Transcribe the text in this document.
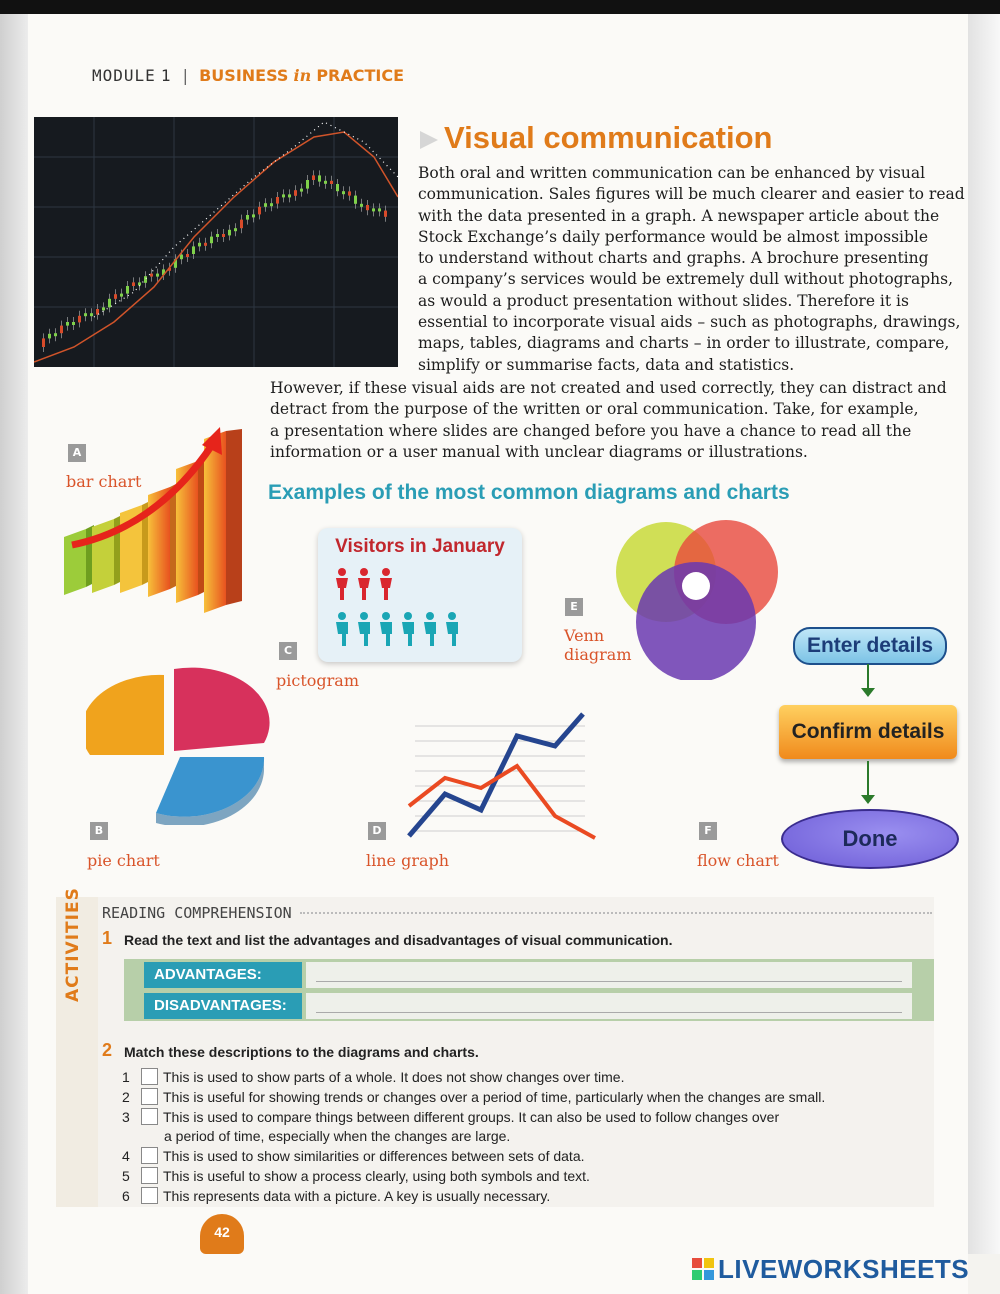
MODULE 1 | BUSINESS in PRACTICE
Visual communication
Both oral and written communication can be enhanced by visual
communication. Sales figures will be much clearer and easier to read
with the data presented in a graph. A newspaper article about the
Stock Exchange’s daily performance would be almost impossible
to understand without charts and graphs. A brochure presenting
a company’s services would be extremely dull without photographs,
as would a product presentation without slides. Therefore it is
essential to incorporate visual aids – such as photographs, drawings,
maps, tables, diagrams and charts – in order to illustrate, compare,
simplify or summarise facts, data and statistics.
However, if these visual aids are not created and used correctly, they can distract and
detract from the purpose of the written or oral communication. Take, for example,
a presentation where slides are changed before you have a chance to read all the
information or a user manual with unclear diagrams or illustrations.
Examples of the most common diagrams and charts
A
bar chart
B
pie chart
Visitors in January
C
pictogram
D
line graph
E
Venn
diagram	Enter details
Confirm details
Done
F
flow chart
ACTIVITIES	READING COMPREHENSION
1 Read the text and list the advantages and disadvantages of visual communication.
ADVANTAGES:
DISADVANTAGES:
2 Match these descriptions to the diagrams and charts.
1 This is used to show parts of a whole. It does not show changes over time.
2 This is useful for showing trends or changes over a period of time, particularly when the changes are small.
3 This is used to compare things between different groups. It can also be used to follow changes over
a period of time, especially when the changes are large.
4 This is used to show similarities or differences between sets of data.
5 This is useful to show a process clearly, using both symbols and text.
6 This represents data with a picture. A key is usually necessary.
42
LIVEWORKSHEETS
